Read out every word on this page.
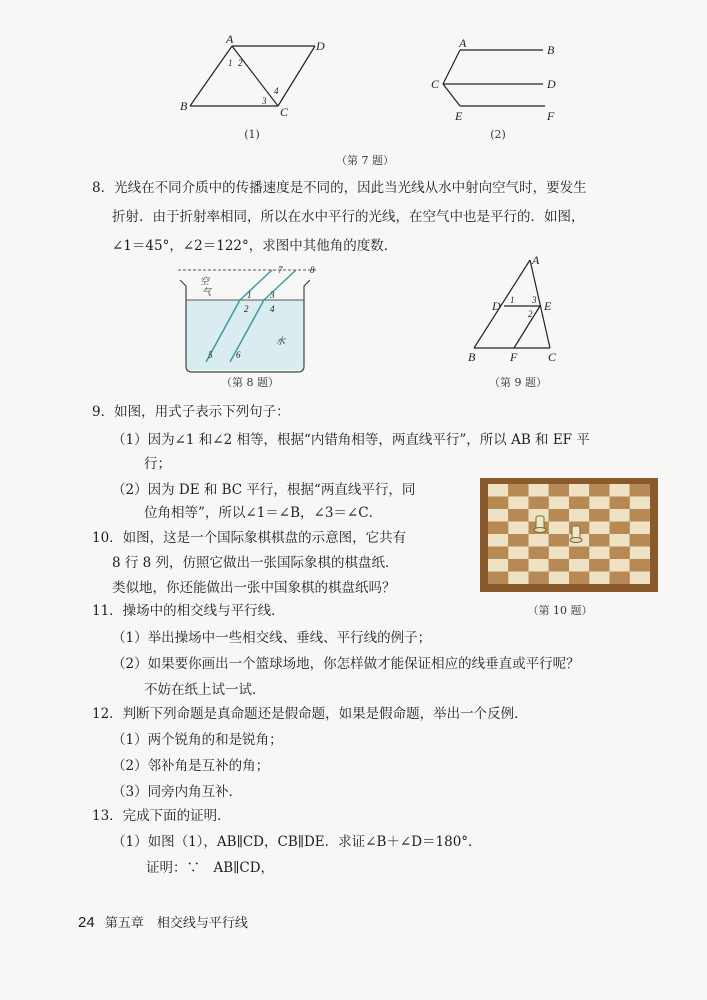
A	D
B	C
1 2
3
4
(1)
A	B
C	D
E	F
(2)
（第 7 题）
8．光线在不同介质中的传播速度是不同的，因此当光线从水中射向空气时，要发生
折射．由于折射率相同，所以在水中平行的光线，在空气中也是平行的．如图，
∠1＝45°，∠2＝122°，求图中其他角的度数．
空
气
水
1
2
3
4
5	6
7	8
（第 8 题）
A
D	E
B	F	C
1
2
3
（第 9 题）
9．如图，用式子表示下列句子：
（1）因为∠1 和∠2 相等，根据“内错角相等，两直线平行”，所以 AB 和 EF 平
行；
（2）因为 DE 和 BC 平行，根据“两直线平行，同
位角相等”，所以∠1＝∠B，∠3＝∠C．
（第 10 题）
10．如图，这是一个国际象棋棋盘的示意图，它共有
8 行 8 列，仿照它做出一张国际象棋的棋盘纸．
类似地，你还能做出一张中国象棋的棋盘纸吗？
11．操场中的相交线与平行线．
（1）举出操场中一些相交线、垂线、平行线的例子；
（2）如果要你画出一个篮球场地，你怎样做才能保证相应的线垂直或平行呢？
不妨在纸上试一试．
12．判断下列命题是真命题还是假命题，如果是假命题，举出一个反例．
（1）两个锐角的和是锐角；
（2）邻补角是互补的角；
（3）同旁内角互补．
13．完成下面的证明．
（1）如图（1），AB∥CD，CB∥DE．求证∠B＋∠D＝180°．
证明：∵　AB∥CD，
24 第五章　相交线与平行线
